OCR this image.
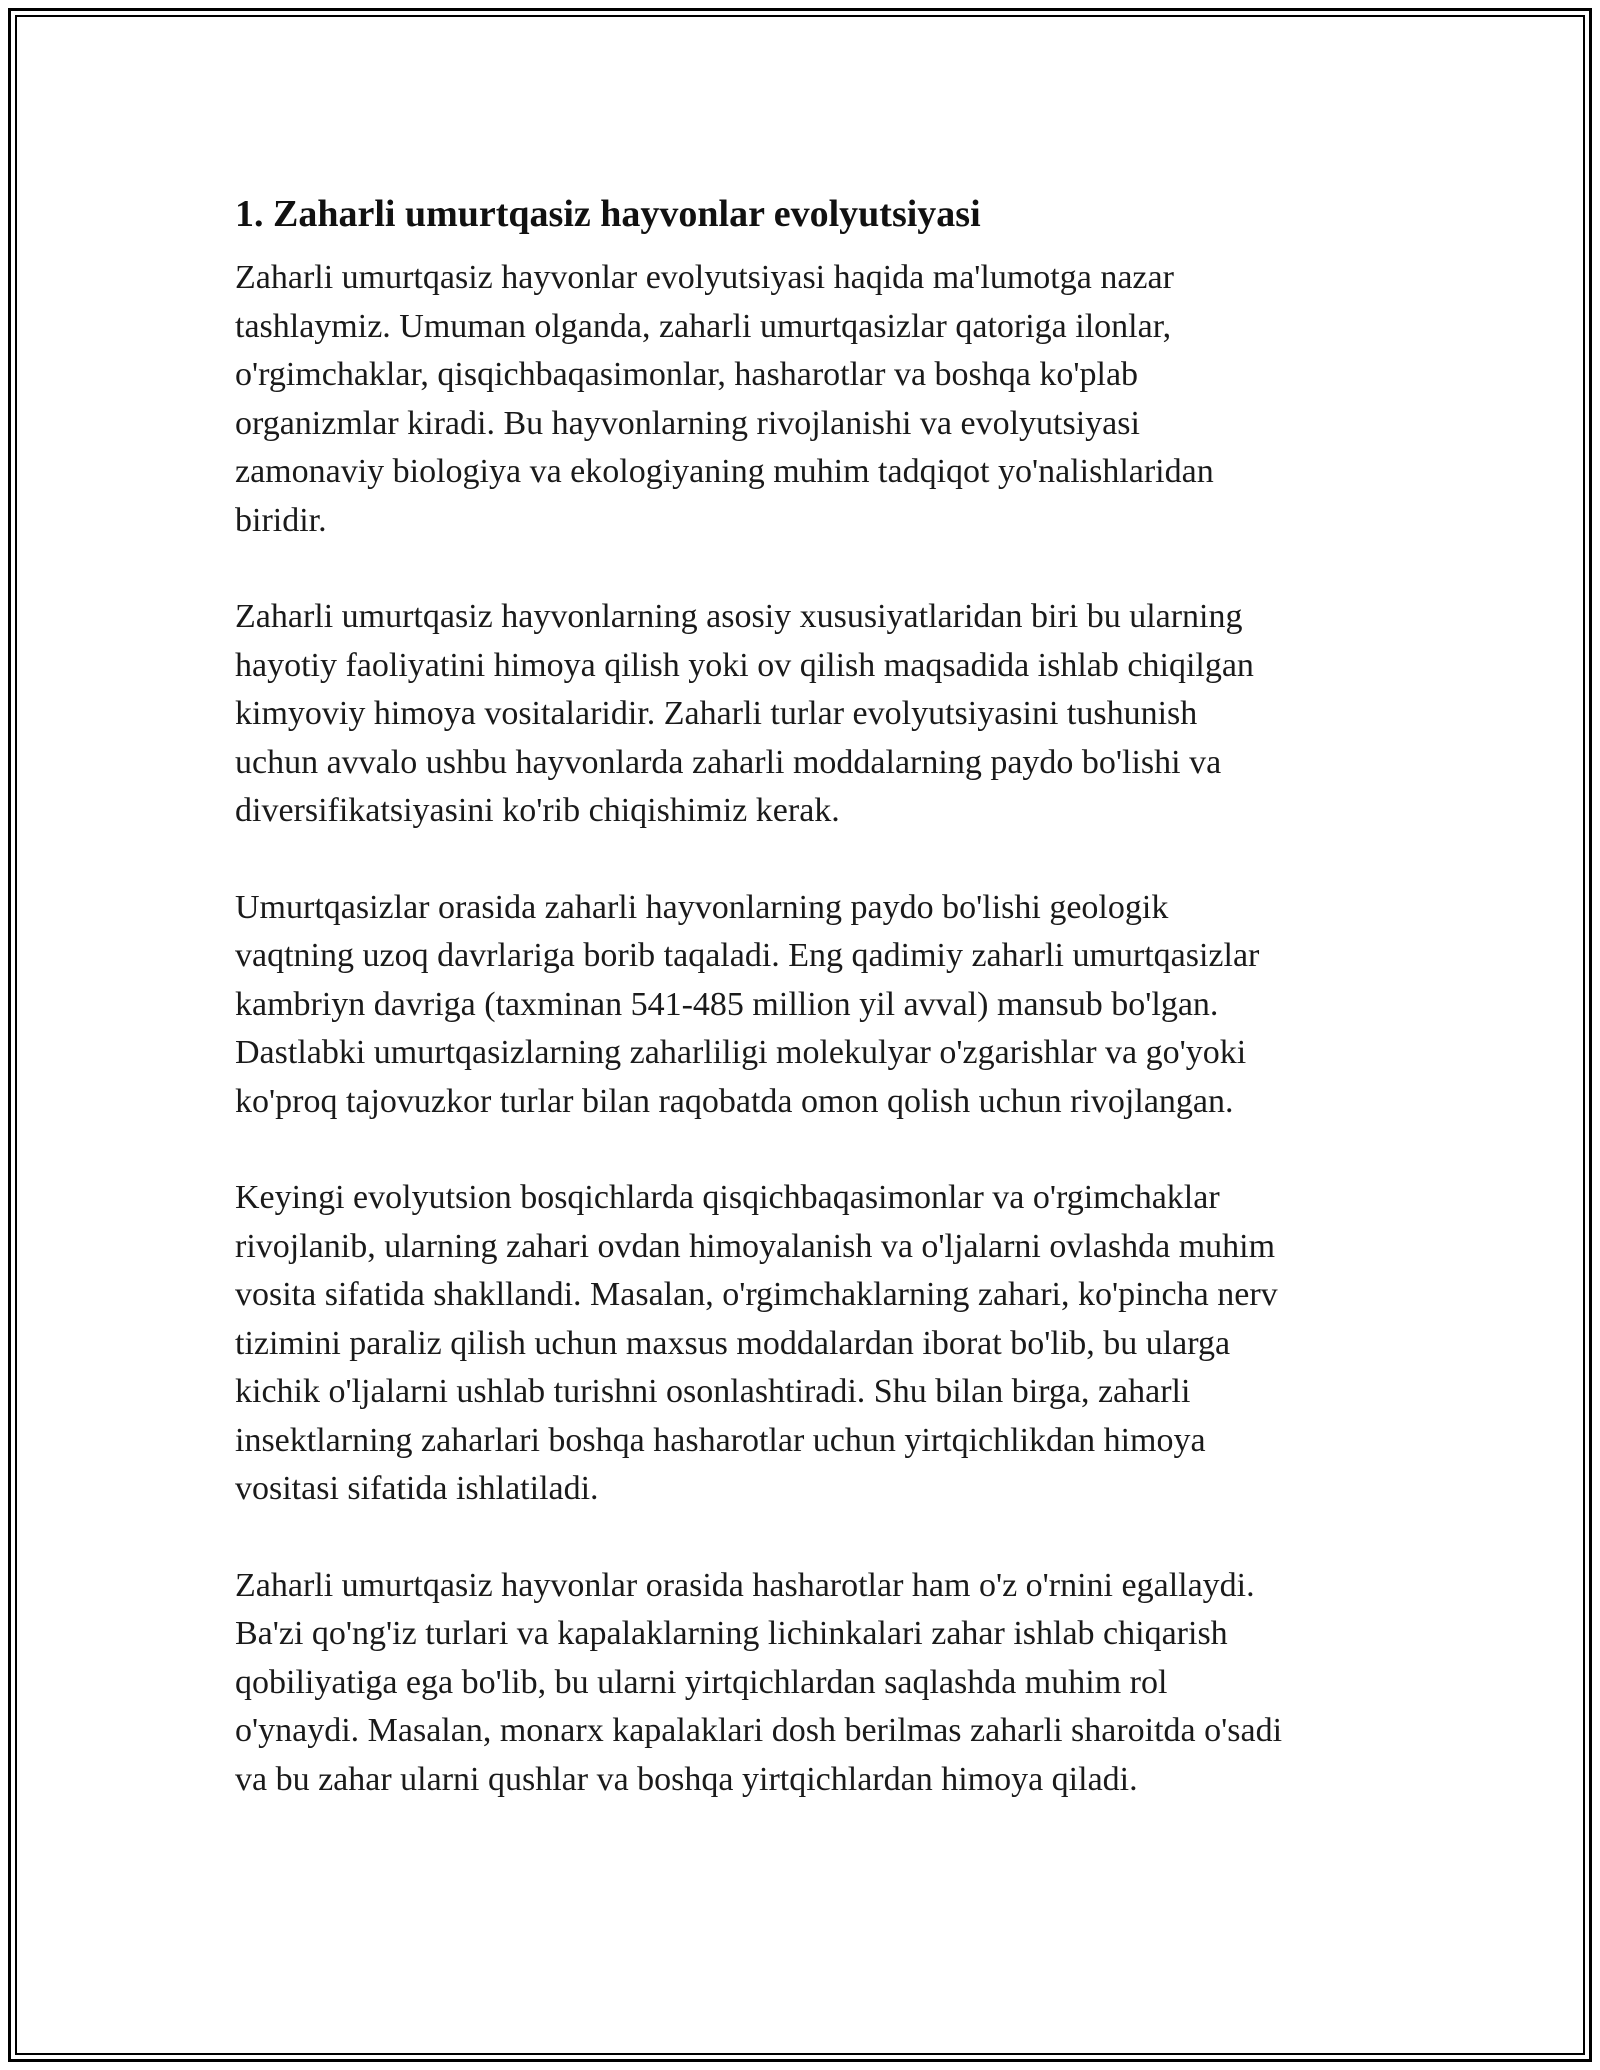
1. Zaharli umurtqasiz hayvonlar evolyutsiyasi

Zaharli umurtqasiz hayvonlar evolyutsiyasi haqida ma'lumotga nazar
tashlaymiz. Umuman olganda, zaharli umurtqasizlar qatoriga ilonlar,
o'rgimchaklar, qisqichbaqasimonlar, hasharotlar va boshqa ko'plab
organizmlar kiradi. Bu hayvonlarning rivojlanishi va evolyutsiyasi
zamonaviy biologiya va ekologiyaning muhim tadqiqot yo'nalishlaridan
biridir.

Zaharli umurtqasiz hayvonlarning asosiy xususiyatlaridan biri bu ularning
hayotiy faoliyatini himoya qilish yoki ov qilish maqsadida ishlab chiqilgan
kimyoviy himoya vositalaridir. Zaharli turlar evolyutsiyasini tushunish
uchun avvalo ushbu hayvonlarda zaharli moddalarning paydo bo'lishi va
diversifikatsiyasini ko'rib chiqishimiz kerak.

Umurtqasizlar orasida zaharli hayvonlarning paydo bo'lishi geologik
vaqtning uzoq davrlariga borib taqaladi. Eng qadimiy zaharli umurtqasizlar
kambriyn davriga (taxminan 541-485 million yil avval) mansub bo'lgan.
Dastlabki umurtqasizlarning zaharliligi molekulyar o'zgarishlar va go'yoki
ko'proq tajovuzkor turlar bilan raqobatda omon qolish uchun rivojlangan.

Keyingi evolyutsion bosqichlarda qisqichbaqasimonlar va o'rgimchaklar
rivojlanib, ularning zahari ovdan himoyalanish va o'ljalarni ovlashda muhim
vosita sifatida shakllandi. Masalan, o'rgimchaklarning zahari, ko'pincha nerv
tizimini paraliz qilish uchun maxsus moddalardan iborat bo'lib, bu ularga
kichik o'ljalarni ushlab turishni osonlashtiradi. Shu bilan birga, zaharli
insektlarning zaharlari boshqa hasharotlar uchun yirtqichlikdan himoya
vositasi sifatida ishlatiladi.

Zaharli umurtqasiz hayvonlar orasida hasharotlar ham o'z o'rnini egallaydi.
Ba'zi qo'ng'iz turlari va kapalaklarning lichinkalari zahar ishlab chiqarish
qobiliyatiga ega bo'lib, bu ularni yirtqichlardan saqlashda muhim rol
o'ynaydi. Masalan, monarx kapalaklari dosh berilmas zaharli sharoitda o'sadi
va bu zahar ularni qushlar va boshqa yirtqichlardan himoya qiladi.
